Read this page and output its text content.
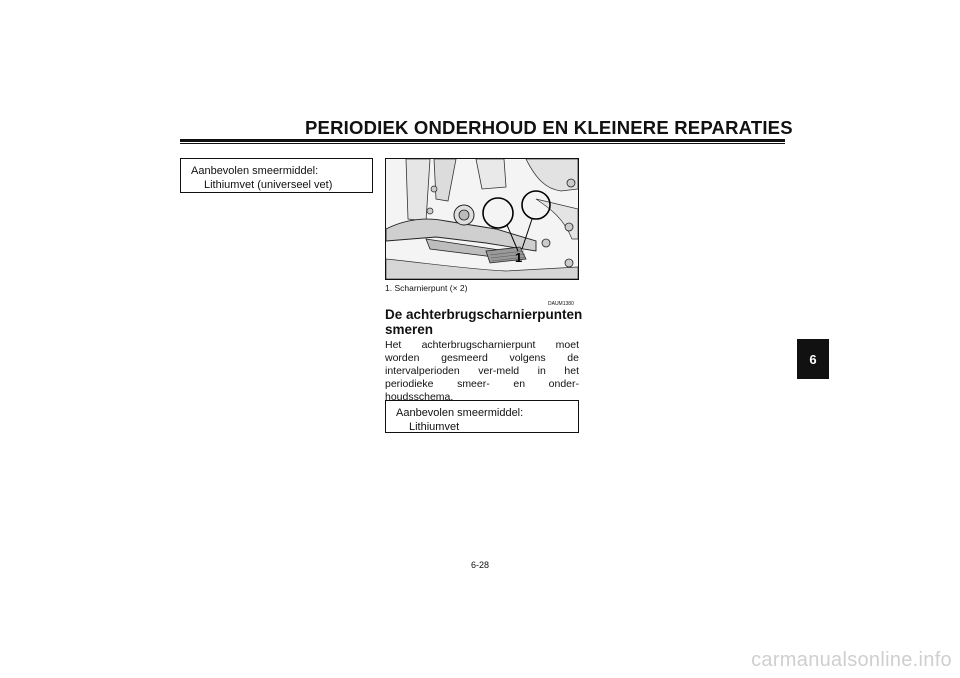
PERIODIEK ONDERHOUD EN KLEINERE REPARATIES
Aanbevolen smeermiddel:
Lithiumvet (universeel vet)
1
1. Scharnierpunt (× 2)
DAUM1380
De achterbrugscharnierpunten smeren
Het achterbrugscharnierpunt moet worden gesmeerd volgens de intervalperioden ver-meld in het periodieke smeer- en onder-houdsschema.
Aanbevolen smeermiddel:
Lithiumvet
6
6-28
carmanualsonline.info
